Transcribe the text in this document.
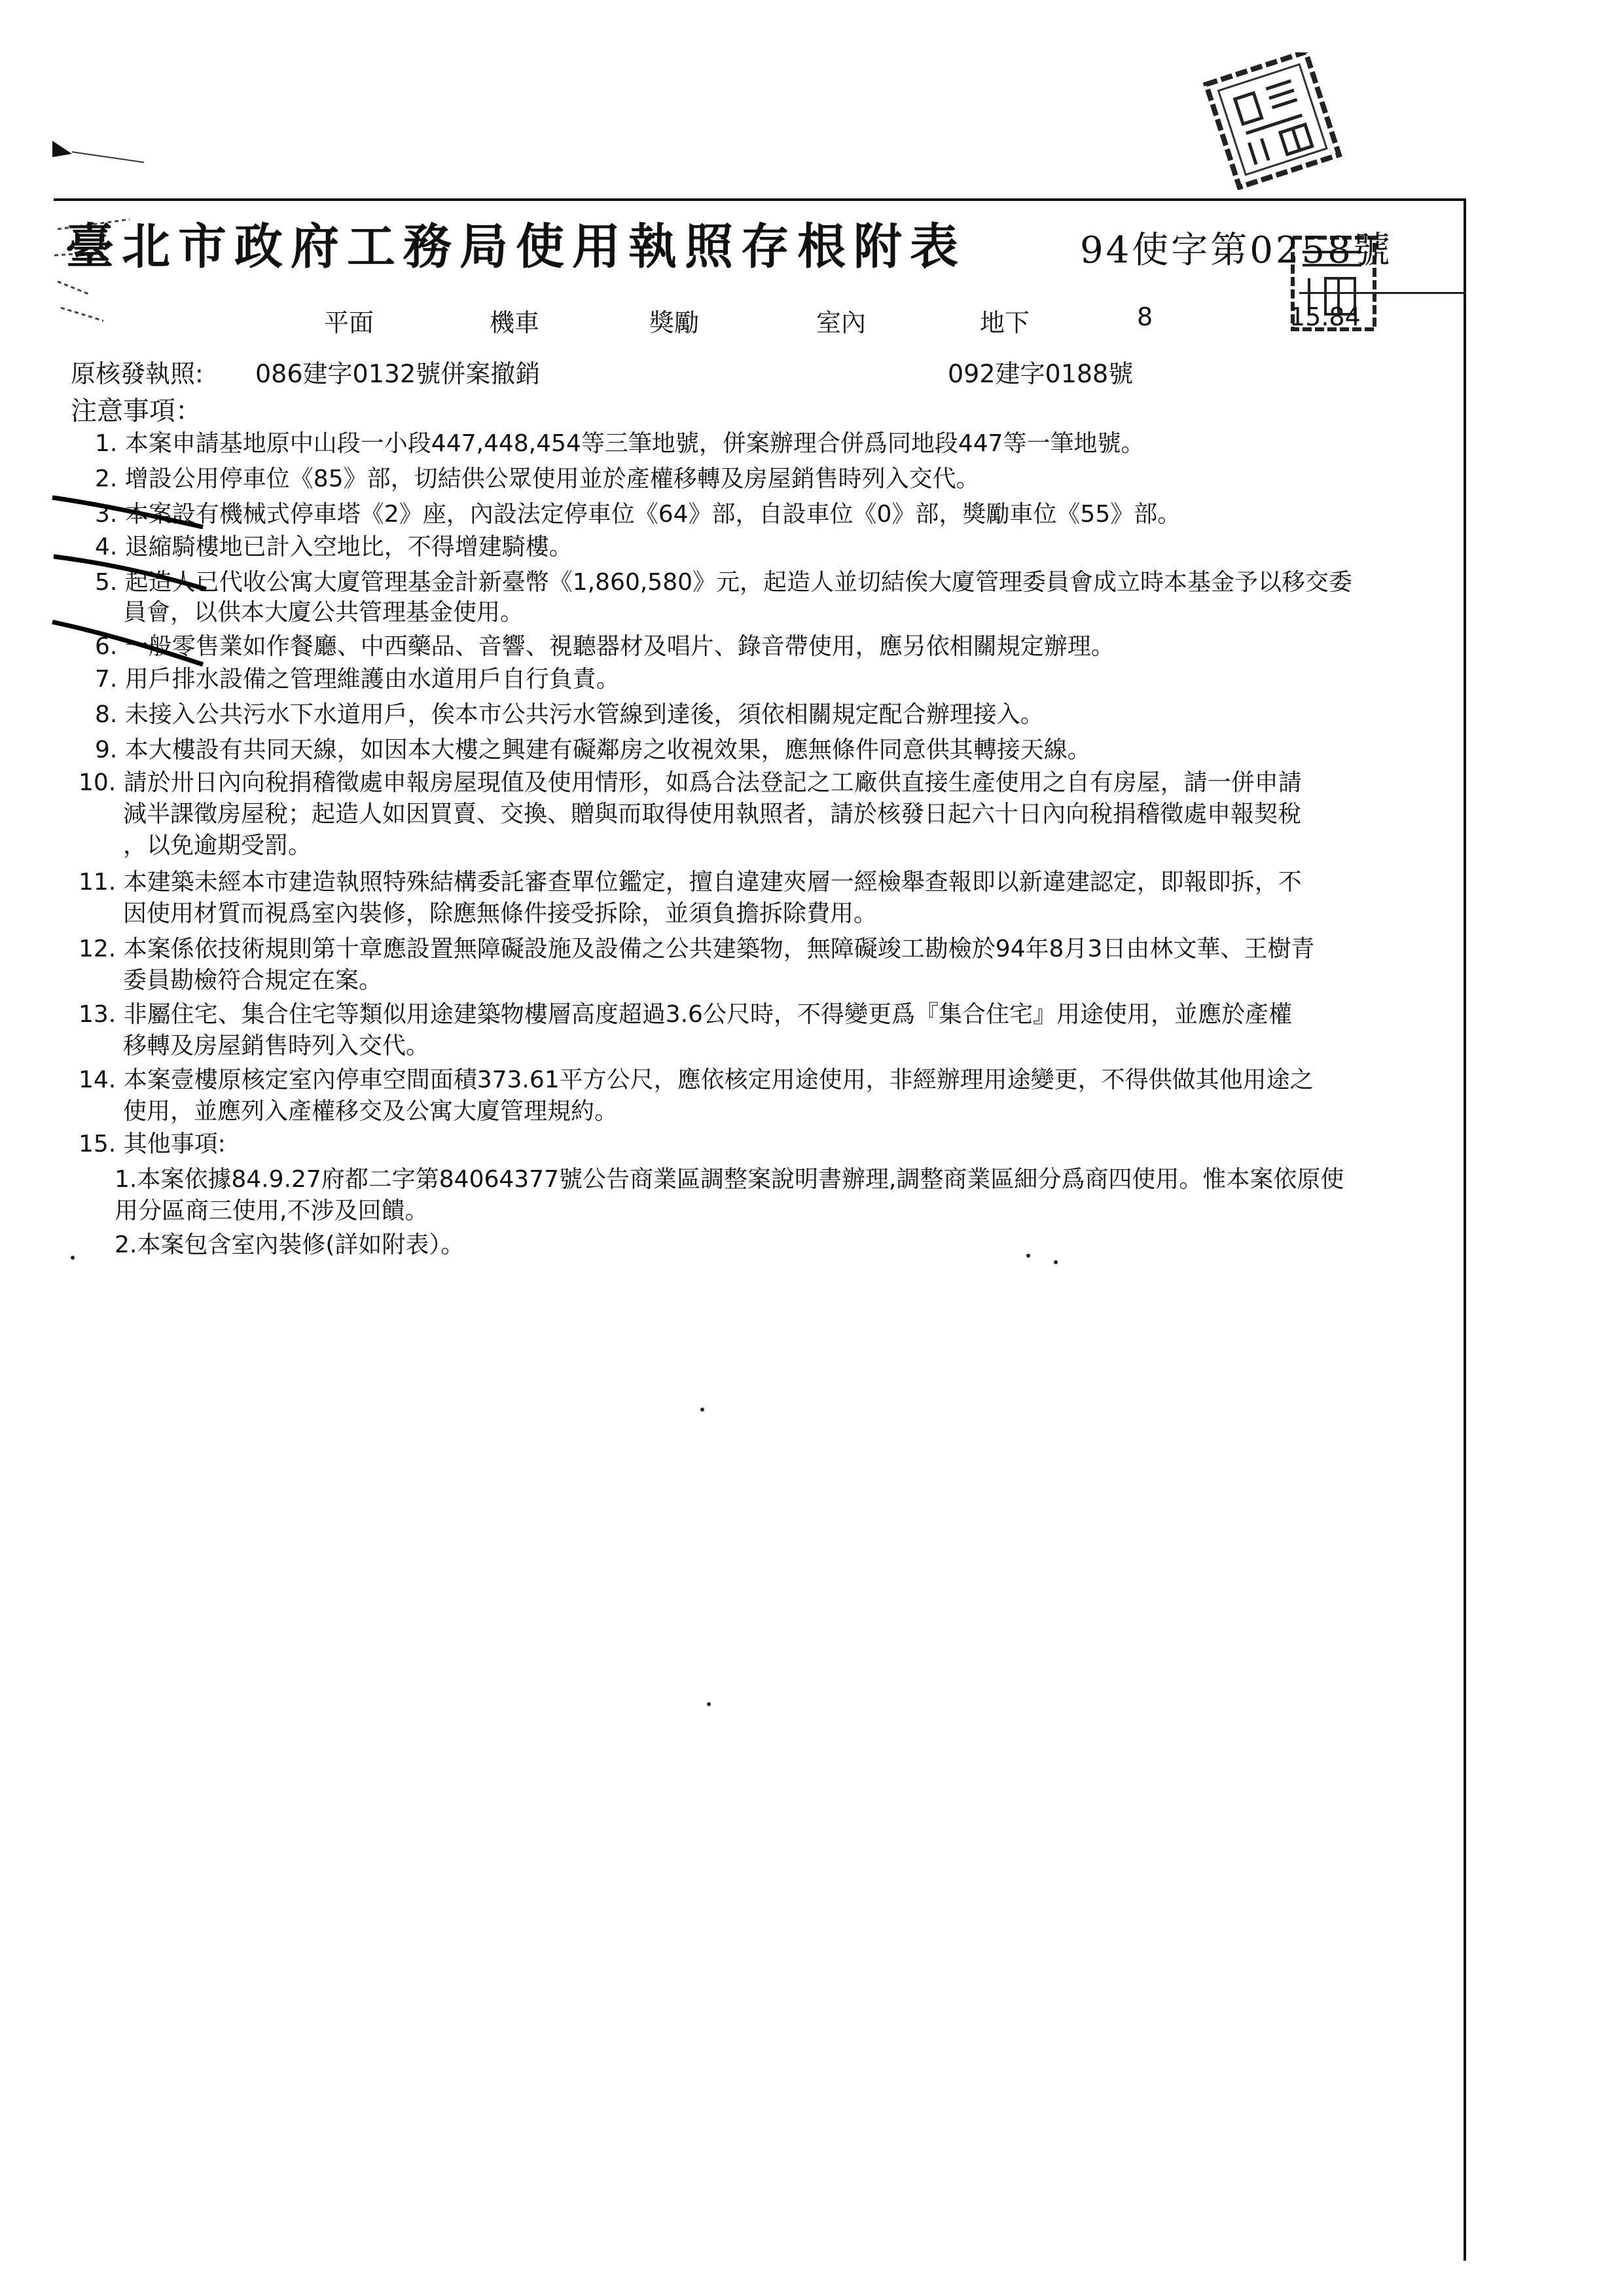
臺北市政府工務局使用執照存根附表	94使字第0258號
平面	機車	獎勵	室內	地下	8	15.84
原核發執照: 086建字0132號併案撤銷	092建字0188號
注意事項：
1. 本案申請基地原中山段一小段447,448,454等三筆地號，併案辦理合併爲同地段447等一筆地號。
2. 增設公用停車位《85》部，切結供公眾使用並於產權移轉及房屋銷售時列入交代。
3. 本案設有機械式停車塔《2》座，內設法定停車位《64》部，自設車位《0》部，獎勵車位《55》部。
4. 退縮騎樓地已計入空地比，不得增建騎樓。
5. 起造人已代收公寓大廈管理基金計新臺幣《1,860,580》元，起造人並切結俟大廈管理委員會成立時本基金予以移交委
員會，以供本大廈公共管理基金使用。
6. 一般零售業如作餐廳、中西藥品、音響、視聽器材及唱片、錄音帶使用，應另依相關規定辦理。
7. 用戶排水設備之管理維護由水道用戶自行負責。
8. 未接入公共污水下水道用戶，俟本市公共污水管線到達後，須依相關規定配合辦理接入。
9. 本大樓設有共同天線，如因本大樓之興建有礙鄰房之收視效果，應無條件同意供其轉接天線。
10. 請於卅日內向稅捐稽徵處申報房屋現值及使用情形，如爲合法登記之工廠供直接生產使用之自有房屋，請一併申請
減半課徵房屋稅；起造人如因買賣、交換、贈與而取得使用執照者，請於核發日起六十日內向稅捐稽徵處申報契稅
，以免逾期受罰。
11. 本建築未經本市建造執照特殊結構委託審查單位鑑定，擅自違建夾層一經檢舉查報即以新違建認定，即報即拆，不
因使用材質而視爲室內裝修，除應無條件接受拆除，並須負擔拆除費用。
12. 本案係依技術規則第十章應設置無障礙設施及設備之公共建築物，無障礙竣工勘檢於94年8月3日由林文華、王樹青
委員勘檢符合規定在案。
13. 非屬住宅、集合住宅等類似用途建築物樓層高度超過3.6公尺時，不得變更爲『集合住宅』用途使用，並應於產權
移轉及房屋銷售時列入交代。
14. 本案壹樓原核定室內停車空間面積373.61平方公尺，應依核定用途使用，非經辦理用途變更，不得供做其他用途之
使用，並應列入產權移交及公寓大廈管理規約。
15. 其他事項:
1.本案依據84.9.27府都二字第84064377號公告商業區調整案說明書辦理,調整商業區細分爲商四使用。惟本案依原使
用分區商三使用,不涉及回饋。
2.本案包含室內裝修(詳如附表）。
